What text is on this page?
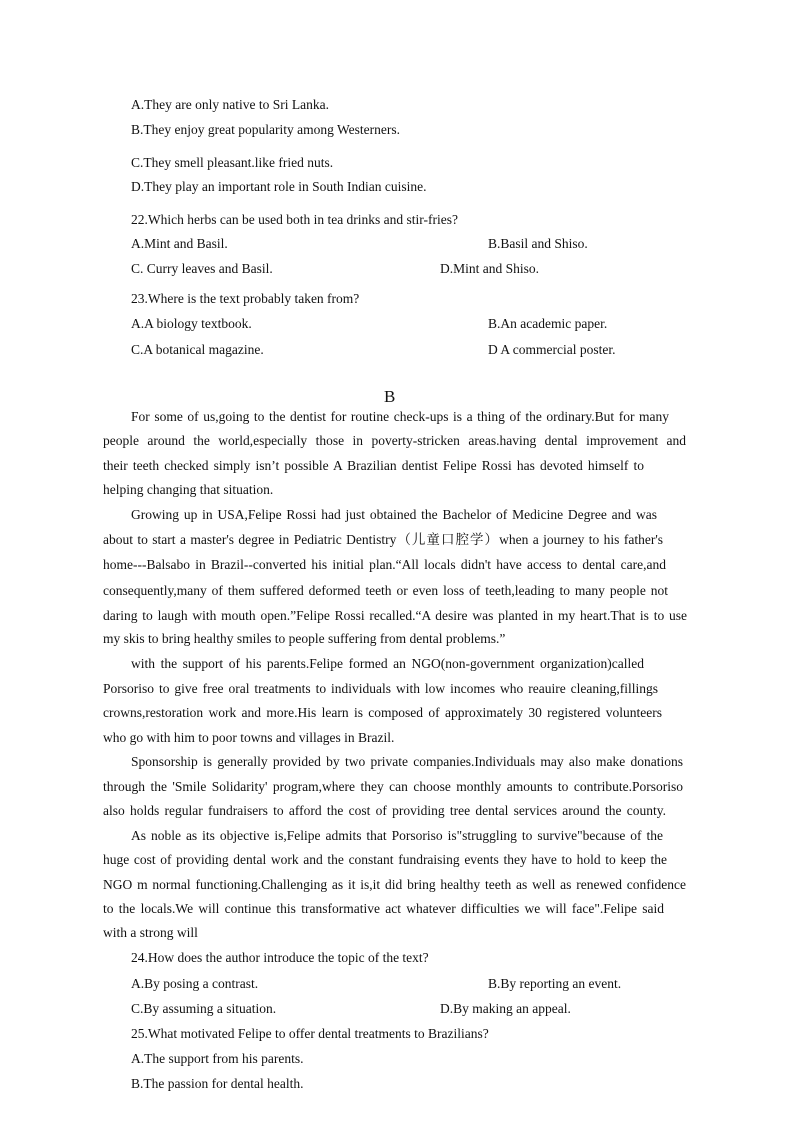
A.They are only native to Sri Lanka.
B.They enjoy great popularity among Westerners.
C.They smell pleasant.like fried nuts.
D.They play an important role in South Indian cuisine.
22.Which herbs can be used both in tea drinks and stir-fries?
A.Mint and Basil.	B.Basil and Shiso.
C. Curry leaves and Basil.	D.Mint and Shiso.
23.Where is the text probably taken from?
A.A biology textbook.	B.An academic paper.
C.A botanical magazine.	D A commercial poster.
B
For some of us,going to the dentist for routine check-ups is a thing of the ordinary.But for many
people around the world,especially those in poverty-stricken areas.having dental improvement and
their teeth checked simply isn’t possible A Brazilian dentist Felipe Rossi has devoted himself to
helping changing that situation.
Growing up in USA,Felipe Rossi had just obtained the Bachelor of Medicine Degree and was
about to start a master's degree in Pediatric Dentistry（儿童口腔学）when a journey to his father's
home---Balsabo in Brazil--converted his initial plan.“All locals didn't have access to dental care,and
consequently,many of them suffered deformed teeth or even loss of teeth,leading to many people not
daring to laugh with mouth open.”Felipe Rossi recalled.“A desire was planted in my heart.That is to use
my skis to bring healthy smiles to people suffering from dental problems.”
with the support of his parents.Felipe formed an NGO(non-government organization)called
Porsoriso to give free oral treatments to individuals with low incomes who reauire cleaning,fillings
crowns,restoration work and more.His learn is composed of approximately 30 registered volunteers
who go with him to poor towns and villages in Brazil.
Sponsorship is generally provided by two private companies.Individuals may also make donations
through the 'Smile Solidarity' program,where they can choose monthly amounts to contribute.Porsoriso
also holds regular fundraisers to afford the cost of providing tree dental services around the county.
As noble as its objective is,Felipe admits that Porsoriso is"struggling to survive"because of the
huge cost of providing dental work and the constant fundraising events they have to hold to keep the
NGO m normal functioning.Challenging as it is,it did bring healthy teeth as well as renewed confidence
to the locals.We will continue this transformative act whatever difficulties we will face".Felipe said
with a strong will
24.How does the author introduce the topic of the text?
A.By posing a contrast.	B.By reporting an event.
C.By assuming a situation.	D.By making an appeal.
25.What motivated Felipe to offer dental treatments to Brazilians?
A.The support from his parents.
B.The passion for dental health.
